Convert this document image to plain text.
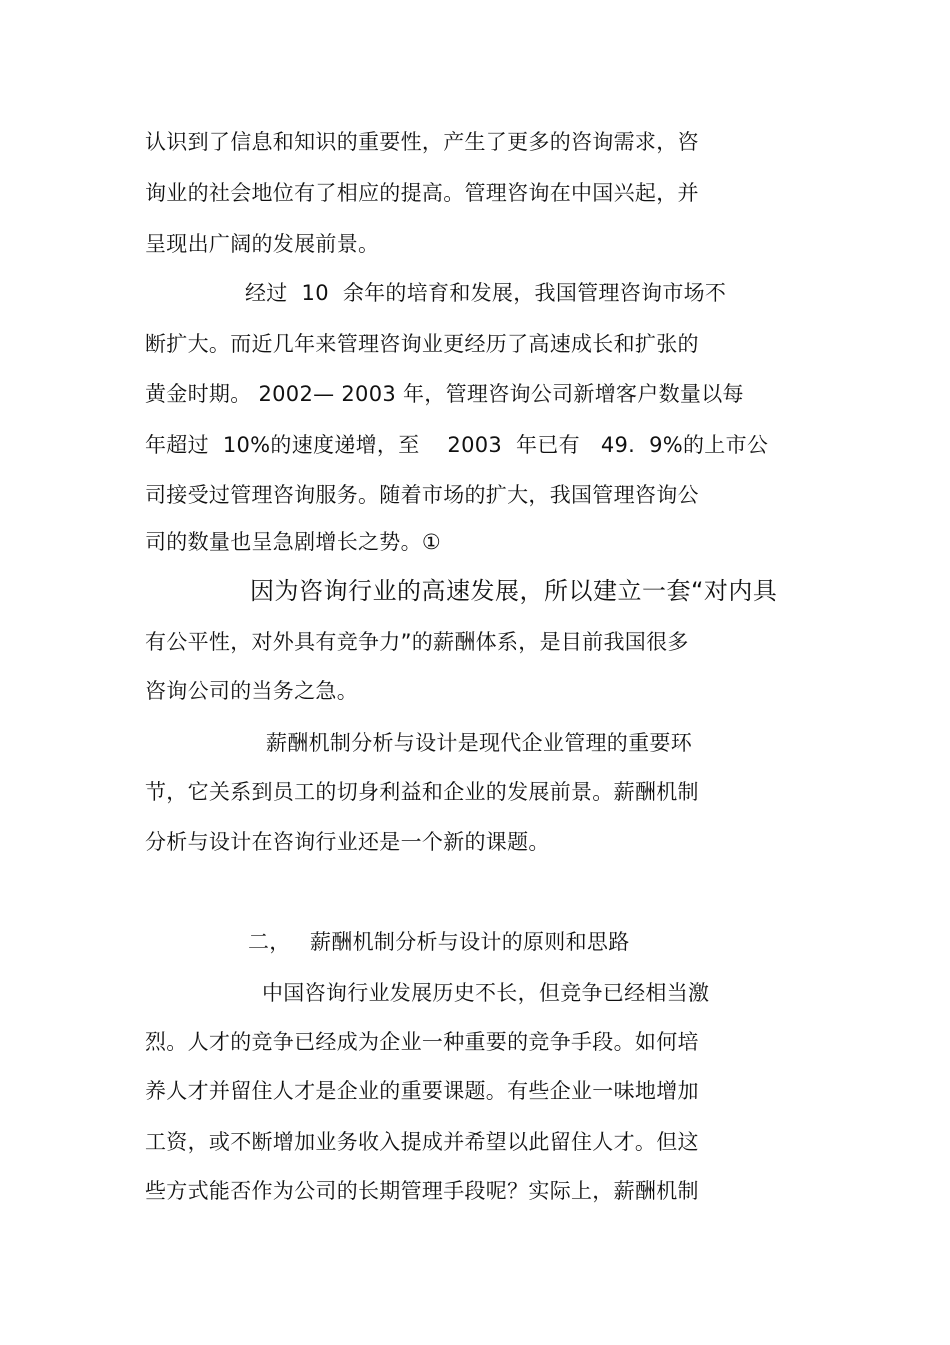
认识到了信息和知识的重要性，产生了更多的咨询需求，咨
询业的社会地位有了相应的提高。管理咨询在中国兴起，并
呈现出广阔的发展前景。
经过  10  余年的培育和发展，我国管理咨询市场不
断扩大。而近几年来管理咨询业更经历了高速成长和扩张的
黄金时期。 2002— 2003 年，管理咨询公司新增客户数量以每
年超过  10%的速度递增，至    2003  年已有   49.  9%的上市公
司接受过管理咨询服务。随着市场的扩大，我国管理咨询公
司的数量也呈急剧增长之势。①
因为咨询行业的高速发展，所以建立一套“对内具
有公平性，对外具有竞争力”的薪酬体系，是目前我国很多
咨询公司的当务之急。
薪酬机制分析与设计是现代企业管理的重要环
节，它关系到员工的切身利益和企业的发展前景。薪酬机制
分析与设计在咨询行业还是一个新的课题。
二， 薪酬机制分析与设计的原则和思路
中国咨询行业发展历史不长，但竞争已经相当激
烈。人才的竞争已经成为企业一种重要的竞争手段。如何培
养人才并留住人才是企业的重要课题。有些企业一味地增加
工资，或不断增加业务收入提成并希望以此留住人才。但这
些方式能否作为公司的长期管理手段呢？实际上，薪酬机制
